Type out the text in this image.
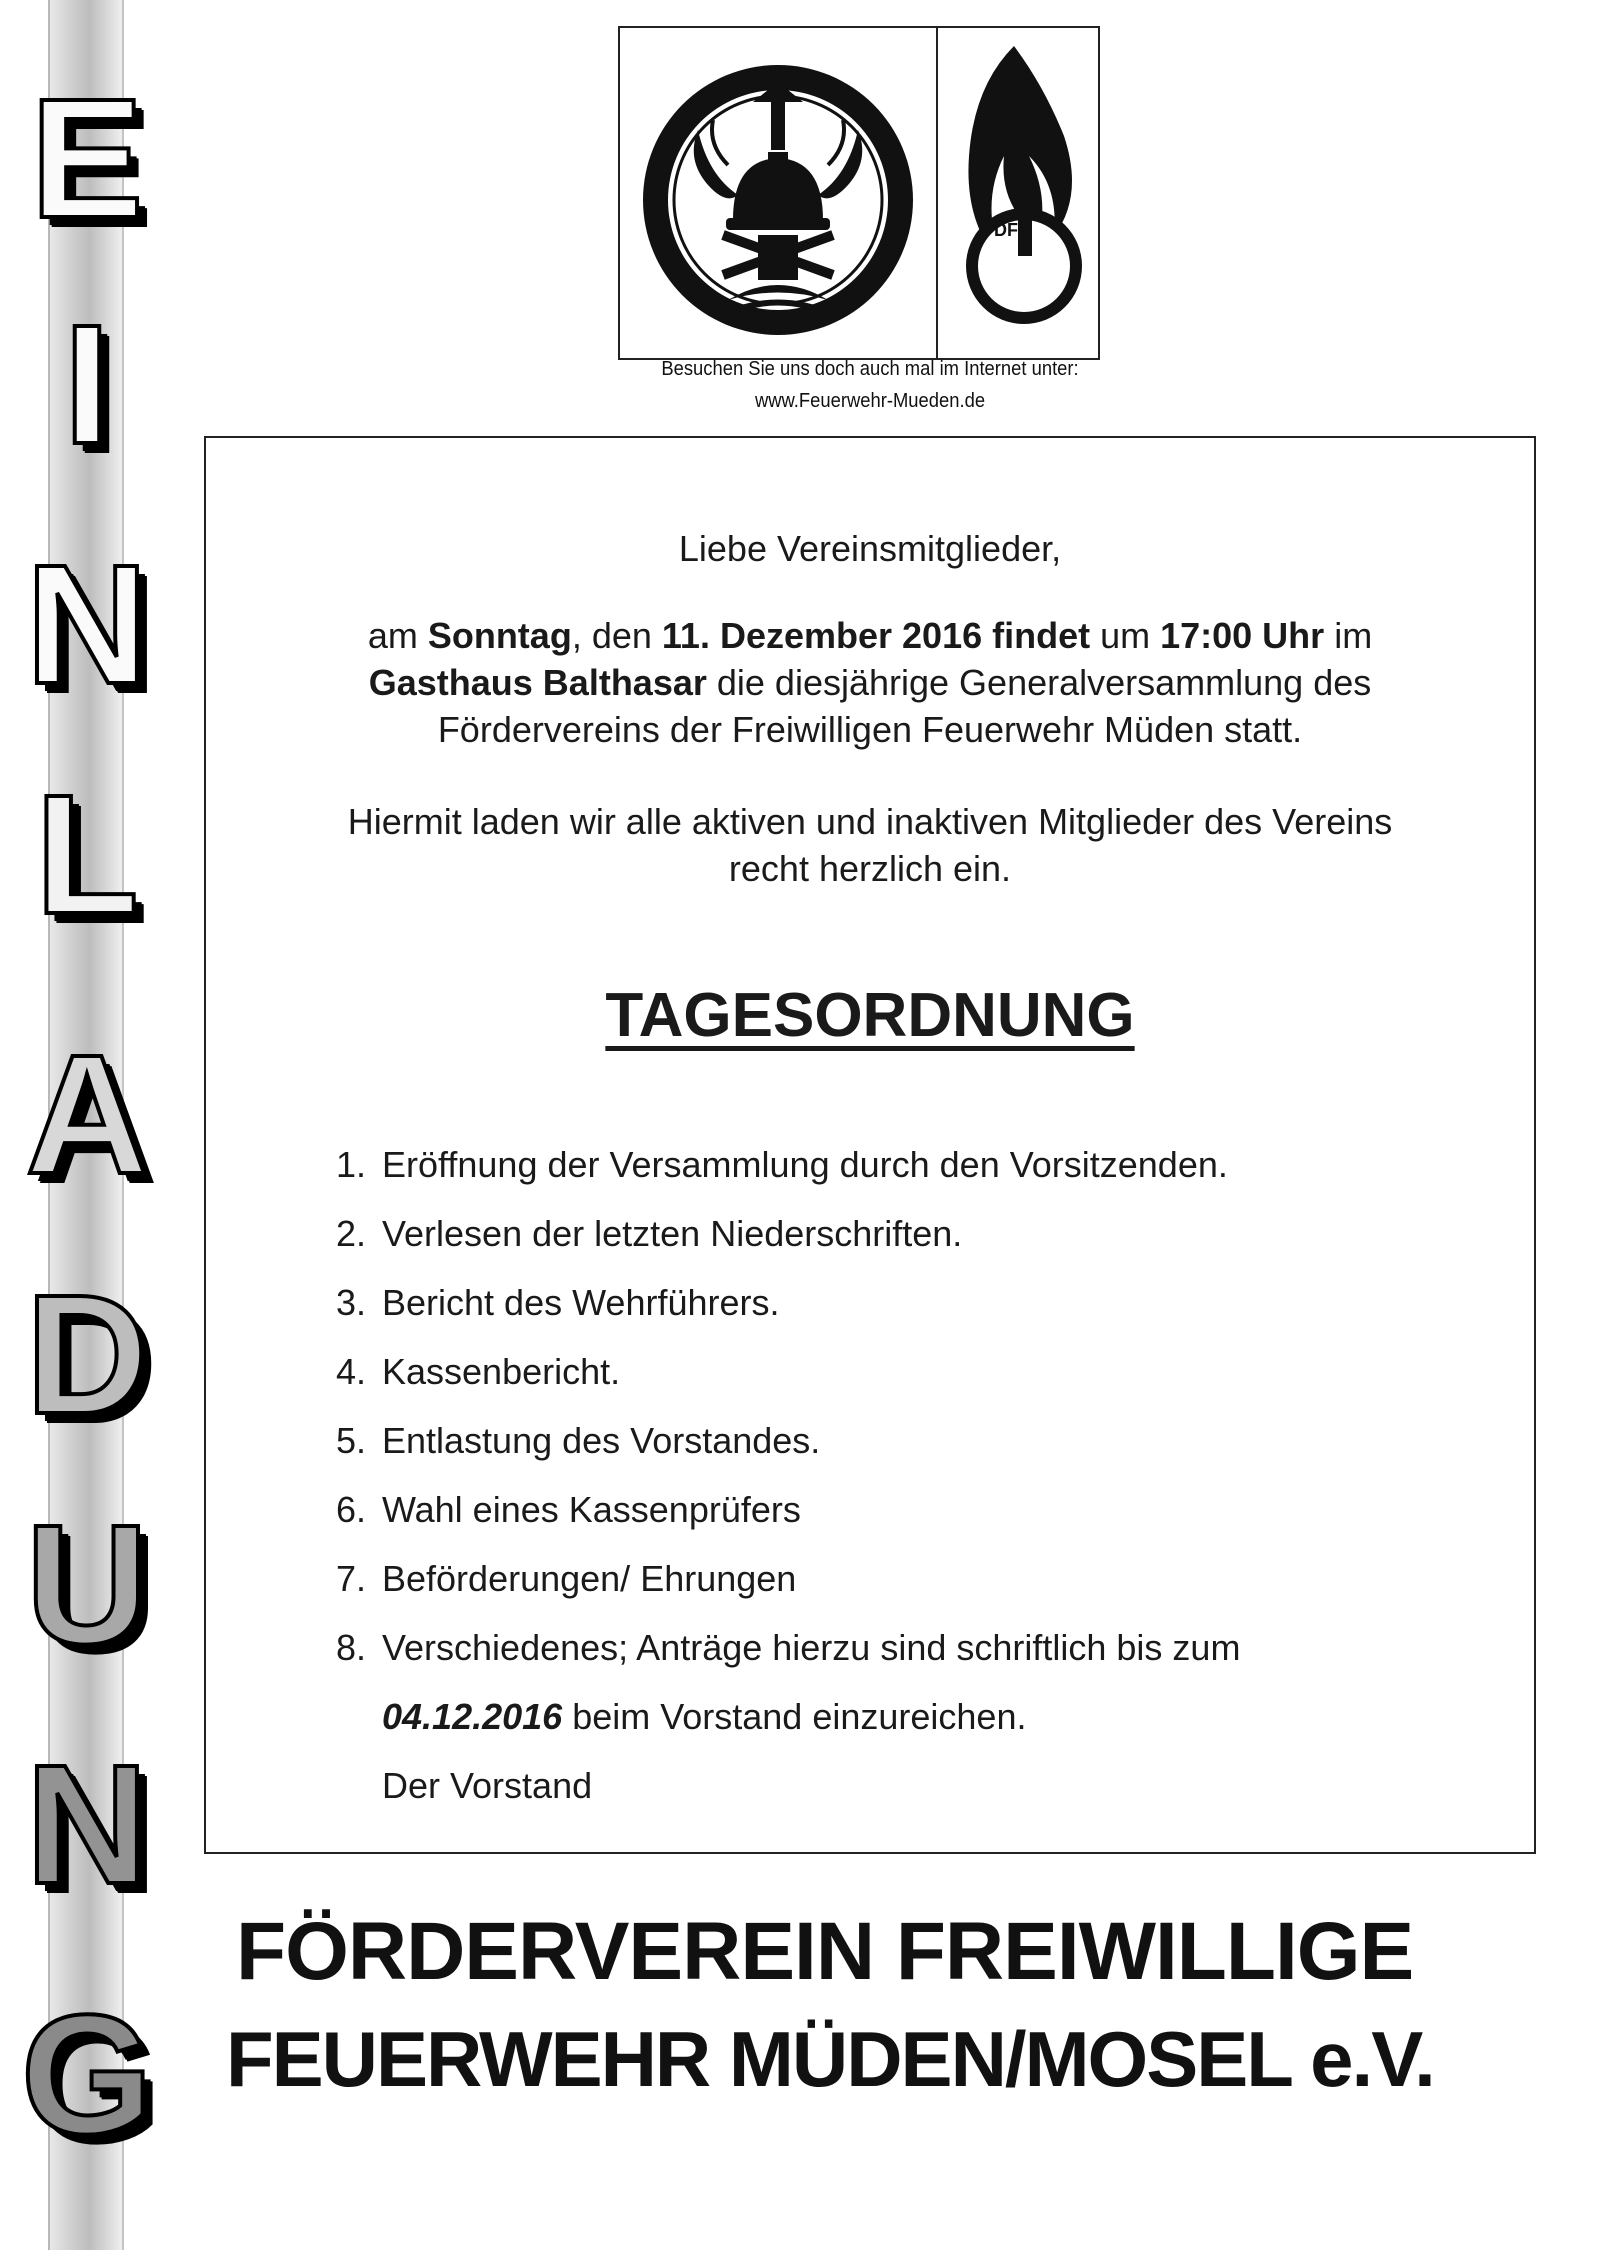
E
I
N
L
A
D
U
N
G
DFV
Besuchen Sie uns doch auch mal im Internet unter:
www.Feuerwehr-Mueden.de
Liebe Vereinsmitglieder,
am Sonntag, den 11. Dezember 2016 findet um 17:00 Uhr im
Gasthaus Balthasar die diesjährige Generalversammlung des
Fördervereins der Freiwilligen Feuerwehr Müden statt.
Hiermit laden wir alle aktiven und inaktiven Mitglieder des Vereins
recht herzlich ein.
TAGESORDNUNG
1. Eröffnung der Versammlung durch den Vorsitzenden.
2. Verlesen der letzten Niederschriften.
3. Bericht des Wehrführers.
4. Kassenbericht.
5. Entlastung des Vorstandes.
6. Wahl eines Kassenprüfers
7. Beförderungen/ Ehrungen
8. Verschiedenes; Anträge hierzu sind schriftlich bis zum
04.12.2016 beim Vorstand einzureichen.
Der Vorstand
FÖRDERVEREIN FREIWILLIGE
FEUERWEHR MÜDEN/MOSEL e.V.
